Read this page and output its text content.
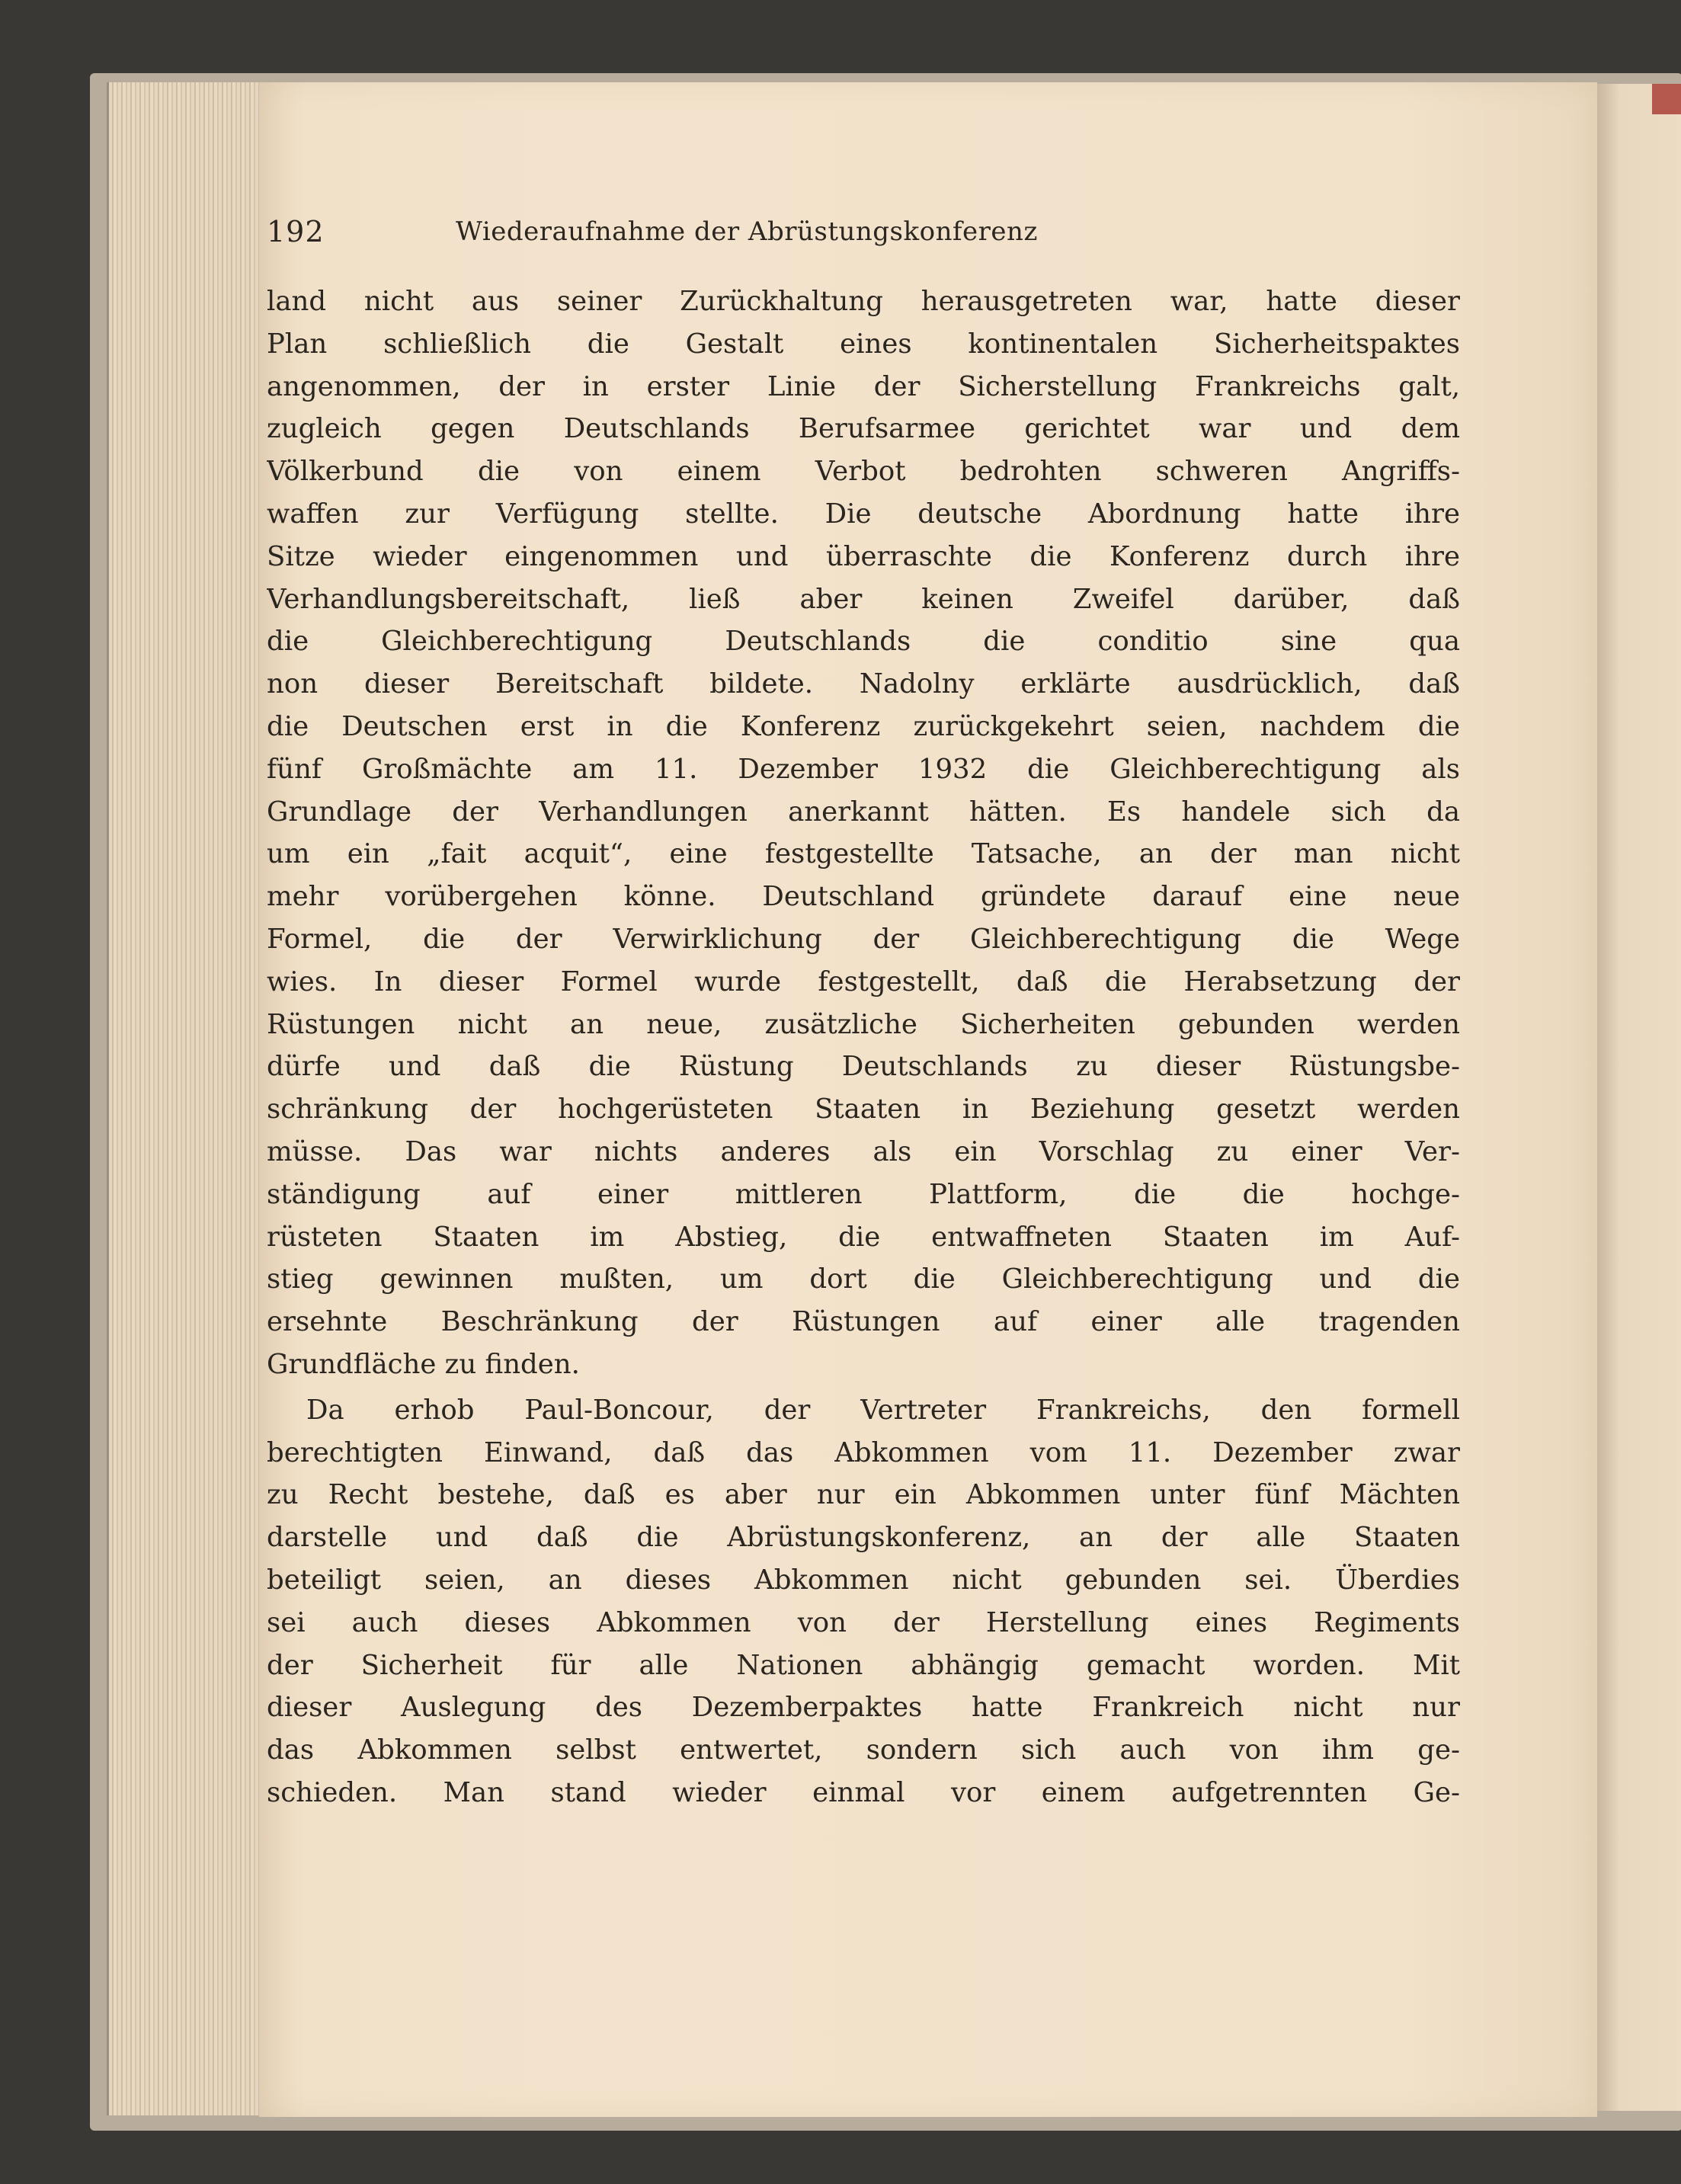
192	Wiederaufnahme der Abrüstungskonferenz
land nicht aus seiner Zurückhaltung herausgetreten war, hatte dieser
Plan schließlich die Gestalt eines kontinentalen Sicherheitspaktes
angenommen, der in erster Linie der Sicherstellung Frankreichs galt,
zugleich gegen Deutschlands Berufsarmee gerichtet war und dem
Völkerbund die von einem Verbot bedrohten schweren Angriffs-
waffen zur Verfügung stellte. Die deutsche Abordnung hatte ihre
Sitze wieder eingenommen und überraschte die Konferenz durch ihre
Verhandlungsbereitschaft, ließ aber keinen Zweifel darüber, daß
die Gleichberechtigung Deutschlands die conditio sine qua
non dieser Bereitschaft bildete. Nadolny erklärte ausdrücklich, daß
die Deutschen erst in die Konferenz zurückgekehrt seien, nachdem die
fünf Großmächte am 11. Dezember 1932 die Gleichberechtigung als
Grundlage der Verhandlungen anerkannt hätten. Es handele sich da
um ein „fait acquit“, eine festgestellte Tatsache, an der man nicht
mehr vorübergehen könne. Deutschland gründete darauf eine neue
Formel, die der Verwirklichung der Gleichberechtigung die Wege
wies. In dieser Formel wurde festgestellt, daß die Herabsetzung der
Rüstungen nicht an neue, zusätzliche Sicherheiten gebunden werden
dürfe und daß die Rüstung Deutschlands zu dieser Rüstungsbe-
schränkung der hochgerüsteten Staaten in Beziehung gesetzt werden
müsse. Das war nichts anderes als ein Vorschlag zu einer Ver-
ständigung auf einer mittleren Plattform, die die hochge-
rüsteten Staaten im Abstieg, die entwaffneten Staaten im Auf-
stieg gewinnen mußten, um dort die Gleichberechtigung und die
ersehnte Beschränkung der Rüstungen auf einer alle tragenden
Grundfläche zu finden.
Da erhob Paul-Boncour, der Vertreter Frankreichs, den formell
berechtigten Einwand, daß das Abkommen vom 11. Dezember zwar
zu Recht bestehe, daß es aber nur ein Abkommen unter fünf Mächten
darstelle und daß die Abrüstungskonferenz, an der alle Staaten
beteiligt seien, an dieses Abkommen nicht gebunden sei. Überdies
sei auch dieses Abkommen von der Herstellung eines Regiments
der Sicherheit für alle Nationen abhängig gemacht worden. Mit
dieser Auslegung des Dezemberpaktes hatte Frankreich nicht nur
das Abkommen selbst entwertet, sondern sich auch von ihm ge-
schieden. Man stand wieder einmal vor einem aufgetrennten Ge-
